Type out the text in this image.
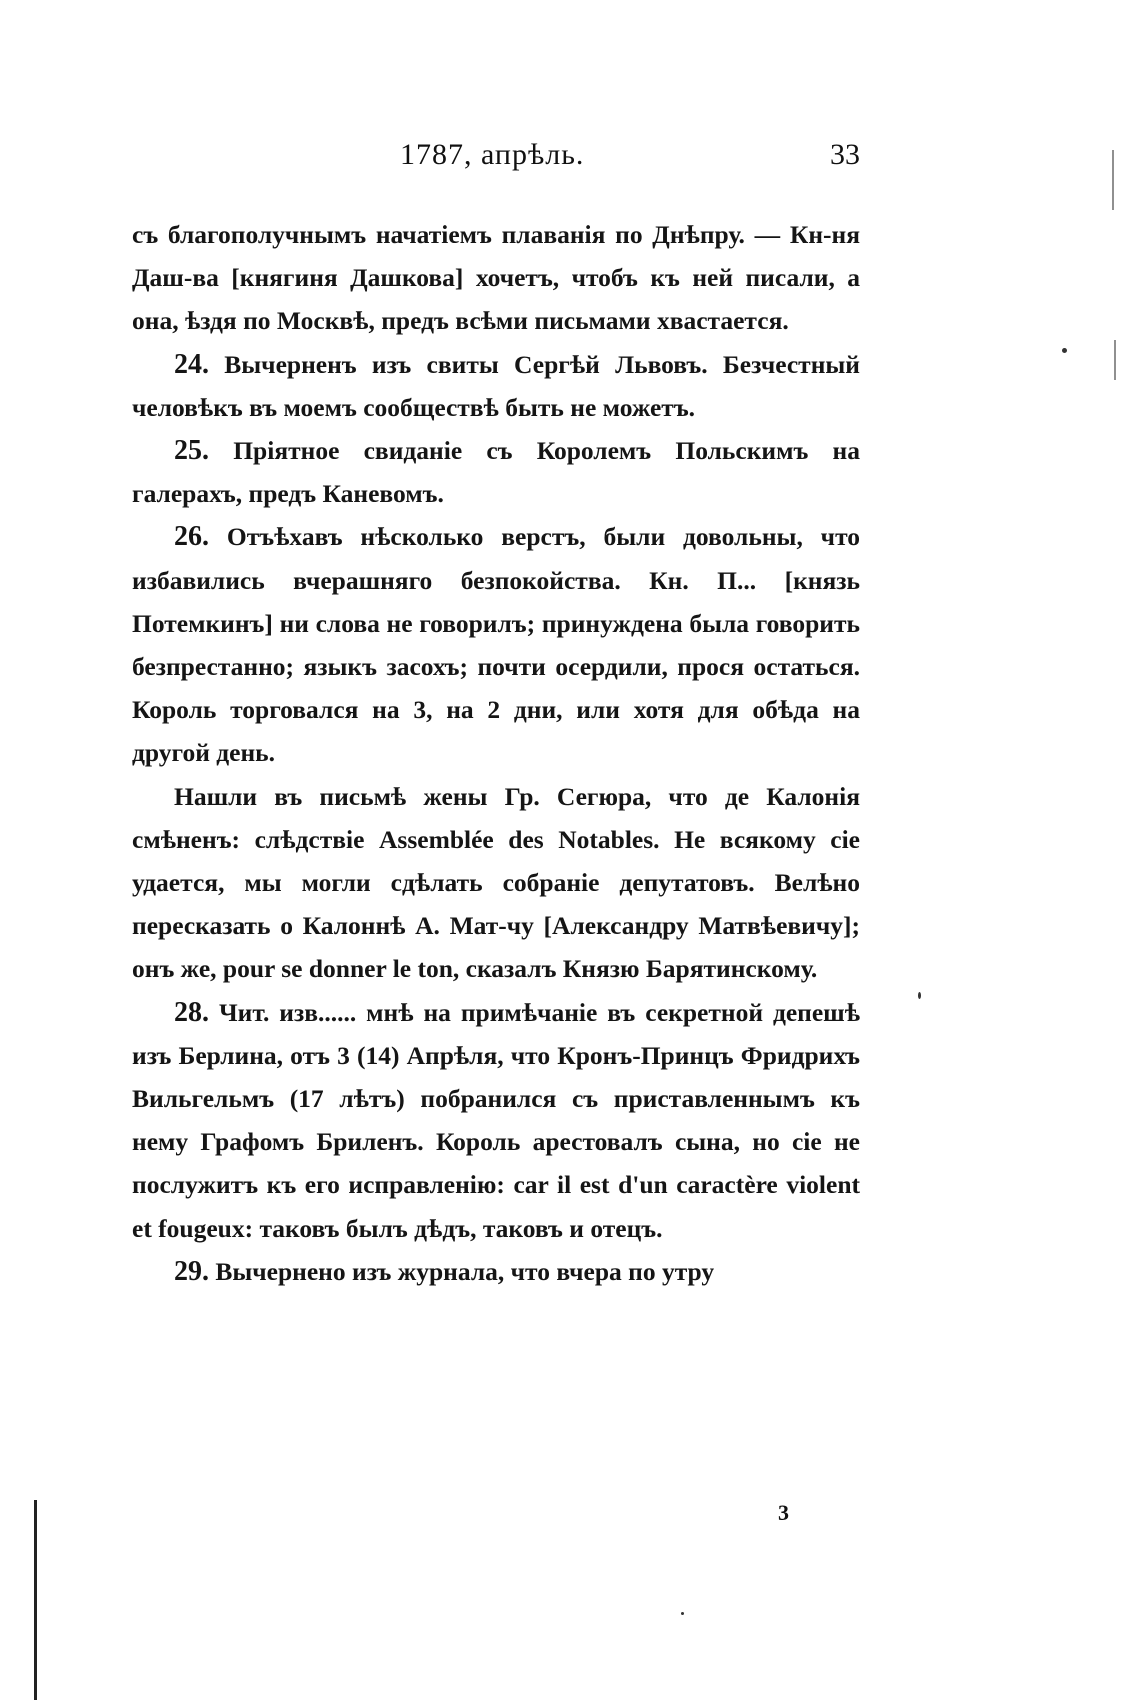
1787, апрѣль.	33

съ благополучнымъ начатіемъ плаванія по Днѣпру. — Кн-ня Даш-ва [княгиня Дашкова] хочетъ, чтобъ къ ней писали, а она, ѣздя по Москвѣ, предъ всѣми письмами хвастается.

24. Вычерненъ изъ свиты Сергѣй Львовъ. Безчестный человѣкъ въ моемъ сообществѣ быть не можетъ.

25. Пріятное свиданіе съ Королемъ Польскимъ на галерахъ, предъ Каневомъ.

26. Отъѣхавъ нѣсколько верстъ, были довольны, что избавились вчерашняго безпокойства. Кн. П... [князь Потемкинъ] ни слова не говорилъ; принуждена была говорить безпрестанно; языкъ засохъ; почти осердили, прося остаться. Король торговался на 3, на 2 дни, или хотя для обѣда на другой день.

Нашли въ письмѣ жены Гр. Сегюра, что де Калонія смѣненъ: слѣдствіе Assemblée des Notables. Не всякому сіе удается, мы могли сдѣлать собраніе депутатовъ. Велѣно пересказать о Калоннѣ А. Мат-чу [Александру Матвѣевичу]; онъ же, pour se donner le ton, сказалъ Князю Барятинскому.

28. Чит. изв...... мнѣ на примѣчаніе въ секретной депешѣ изъ Берлина, отъ 3 (14) Апрѣля, что Кронъ-Принцъ Фридрихъ Вильгельмъ (17 лѣтъ) побранился съ приставленнымъ къ нему Графомъ Бриленъ. Король арестовалъ сына, но сіе не послужитъ къ его исправленію: car il est d'un caractère violent et fougeux: таковъ былъ дѣдъ, таковъ и отецъ.

29. Вычернено изъ журнала, что вчера по утру

3
